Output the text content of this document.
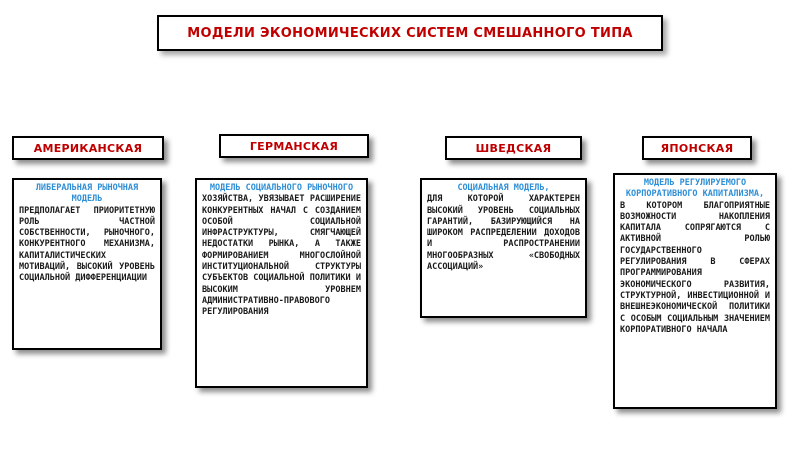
МОДЕЛИ ЭКОНОМИЧЕСКИХ СИСТЕМ СМЕШАННОГО ТИПА
АМЕРИКАНСКАЯ	ГЕРМАНСКАЯ	ШВЕДСКАЯ	ЯПОНСКАЯ
ЛИБЕРАЛЬНАЯ РЫНОЧНАЯ МОДЕЛЬ
ПРЕДПОЛАГАЕТ ПРИОРИТЕТНУЮ РОЛЬ ЧАСТНОЙ СОБСТВЕННОСТИ, РЫНОЧНОГО, КОНКУРЕНТНОГО МЕХАНИЗМА, КАПИТАЛИСТИЧЕСКИХ МОТИВАЦИЙ, ВЫСОКИЙ УРОВЕНЬ СОЦИАЛЬНОЙ ДИФФЕРЕНЦИАЦИИ
МОДЕЛЬ СОЦИАЛЬНОГО РЫНОЧНОГО
ХОЗЯЙСТВА, УВЯЗЫВАЕТ РАСШИРЕНИЕ КОНКУРЕНТНЫХ НАЧАЛ С СОЗДАНИЕМ ОСОБОЙ СОЦИАЛЬНОЙ ИНФРАСТРУКТУРЫ, СМЯГЧАЮЩЕЙ НЕДОСТАТКИ РЫНКА, А ТАКЖЕ ФОРМИРОВАНИЕМ МНОГОСЛОЙНОЙ ИНСТИТУЦИОНАЛЬНОЙ СТРУКТУРЫ СУБЪЕКТОВ СОЦИАЛЬНОЙ ПОЛИТИКИ И ВЫСОКИМ УРОВНЕМ АДМИНИСТРАТИВНО-ПРАВОВОГО РЕГУЛИРОВАНИЯ
СОЦИАЛЬНАЯ МОДЕЛЬ,
ДЛЯ КОТОРОЙ ХАРАКТЕРЕН ВЫСОКИЙ УРОВЕНЬ СОЦИАЛЬНЫХ ГАРАНТИЙ, БАЗИРУЮЩИЙСЯ НА ШИРОКОМ РАСПРЕДЕЛЕНИИ ДОХОДОВ И РАСПРОСТРАНЕНИИ МНОГООБРАЗНЫХ «СВОБОДНЫХ АССОЦИАЦИЙ»
МОДЕЛЬ РЕГУЛИРУЕМОГО КОРПОРАТИВНОГО КАПИТАЛИЗМА,
В КОТОРОМ БЛАГОПРИЯТНЫЕ ВОЗМОЖНОСТИ НАКОПЛЕНИЯ КАПИТАЛА СОПРЯГАЮТСЯ С АКТИВНОЙ РОЛЬЮ ГОСУДАРСТВЕННОГО РЕГУЛИРОВАНИЯ В СФЕРАХ ПРОГРАММИРОВАНИЯ ЭКОНОМИЧЕСКОГО РАЗВИТИЯ, СТРУКТУРНОЙ, ИНВЕСТИЦИОННОЙ И ВНЕШНЕЭКОНОМИЧЕСКОЙ ПОЛИТИКИ С ОСОБЫМ СОЦИАЛЬНЫМ ЗНАЧЕНИЕМ КОРПОРАТИВНОГО НАЧАЛА
